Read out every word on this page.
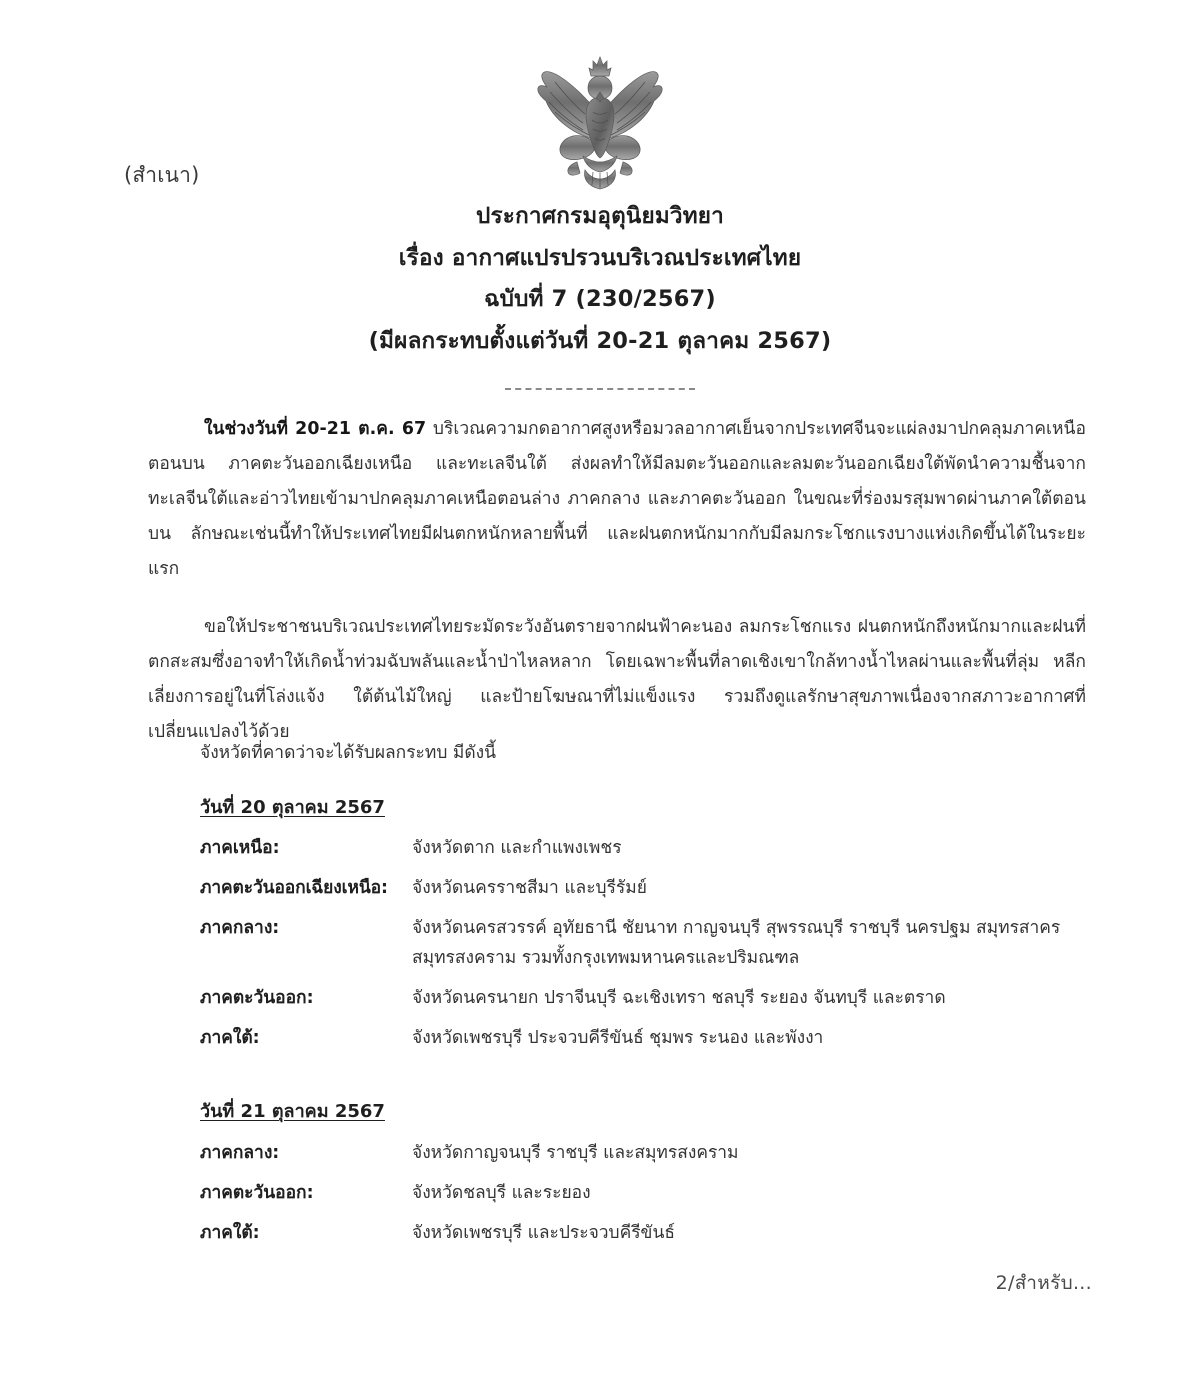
(สำเนา)
ประกาศกรมอุตุนิยมวิทยา
เรื่อง อากาศแปรปรวนบริเวณประเทศไทย
ฉบับที่ 7 (230/2567)
(มีผลกระทบตั้งแต่วันที่ 20-21 ตุลาคม 2567)

ในช่วงวันที่ 20-21 ต.ค. 67 บริเวณความกดอากาศสูงหรือมวลอากาศเย็นจากประเทศจีนจะแผ่ลงมาปกคลุมภาคเหนือตอนบน ภาคตะวันออกเฉียงเหนือ และทะเลจีนใต้ ส่งผลทำให้มีลมตะวันออกและลมตะวันออกเฉียงใต้พัดนำความชื้นจากทะเลจีนใต้และอ่าวไทยเข้ามาปกคลุมภาคเหนือตอนล่าง ภาคกลาง และภาคตะวันออก ในขณะที่ร่องมรสุมพาดผ่านภาคใต้ตอนบน ลักษณะเช่นนี้ทำให้ประเทศไทยมีฝนตกหนักหลายพื้นที่ และฝนตกหนักมากกับมีลมกระโชกแรงบางแห่งเกิดขึ้นได้ในระยะแรก

ขอให้ประชาชนบริเวณประเทศไทยระมัดระวังอันตรายจากฝนฟ้าคะนอง ลมกระโชกแรง ฝนตกหนักถึงหนักมากและฝนที่ตกสะสมซึ่งอาจทำให้เกิดน้ำท่วมฉับพลันและน้ำป่าไหลหลาก โดยเฉพาะพื้นที่ลาดเชิงเขาใกล้ทางน้ำไหลผ่านและพื้นที่ลุ่ม หลีกเลี่ยงการอยู่ในที่โล่งแจ้ง ใต้ต้นไม้ใหญ่ และป้ายโฆษณาที่ไม่แข็งแรง รวมถึงดูแลรักษาสุขภาพเนื่องจากสภาวะอากาศที่เปลี่ยนแปลงไว้ด้วย

จังหวัดที่คาดว่าจะได้รับผลกระทบ มีดังนี้
วันที่ 20 ตุลาคม 2567
ภาคเหนือ:	จังหวัดตาก และกำแพงเพชร
ภาคตะวันออกเฉียงเหนือ:	จังหวัดนครราชสีมา และบุรีรัมย์
ภาคกลาง:	จังหวัดนครสวรรค์ อุทัยธานี ชัยนาท กาญจนบุรี สุพรรณบุรี ราชบุรี นครปฐม สมุทรสาคร สมุทรสงคราม รวมทั้งกรุงเทพมหานครและปริมณฑล
ภาคตะวันออก:	จังหวัดนครนายก ปราจีนบุรี ฉะเชิงเทรา ชลบุรี ระยอง จันทบุรี และตราด
ภาคใต้:	จังหวัดเพชรบุรี ประจวบคีรีขันธ์ ชุมพร ระนอง และพังงา
วันที่ 21 ตุลาคม 2567
ภาคกลาง:	จังหวัดกาญจนบุรี ราชบุรี และสมุทรสงคราม
ภาคตะวันออก:	จังหวัดชลบุรี และระยอง
ภาคใต้:	จังหวัดเพชรบุรี และประจวบคีรีขันธ์
2/สำหรับ...
